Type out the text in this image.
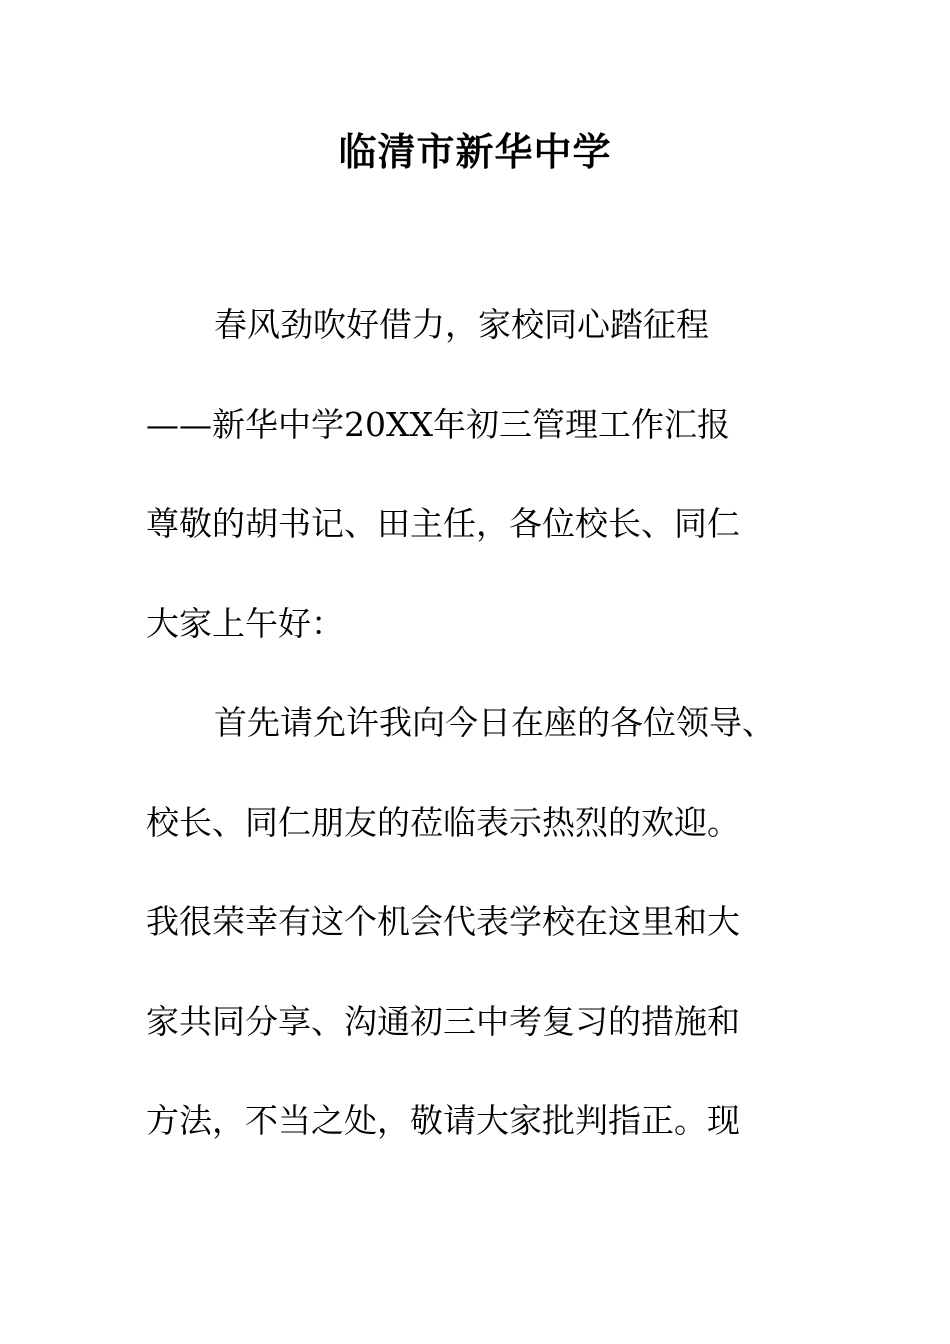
临清市新华中学
春风劲吹好借力，家校同心踏征程
——新华中学20XX年初三管理工作汇报
尊敬的胡书记、田主任，各位校长、同仁
大家上午好：
首先请允许我向今日在座的各位领导、
校长、同仁朋友的莅临表示热烈的欢迎。
我很荣幸有这个机会代表学校在这里和大
家共同分享、沟通初三中考复习的措施和
方法，不当之处，敬请大家批判指正。现
